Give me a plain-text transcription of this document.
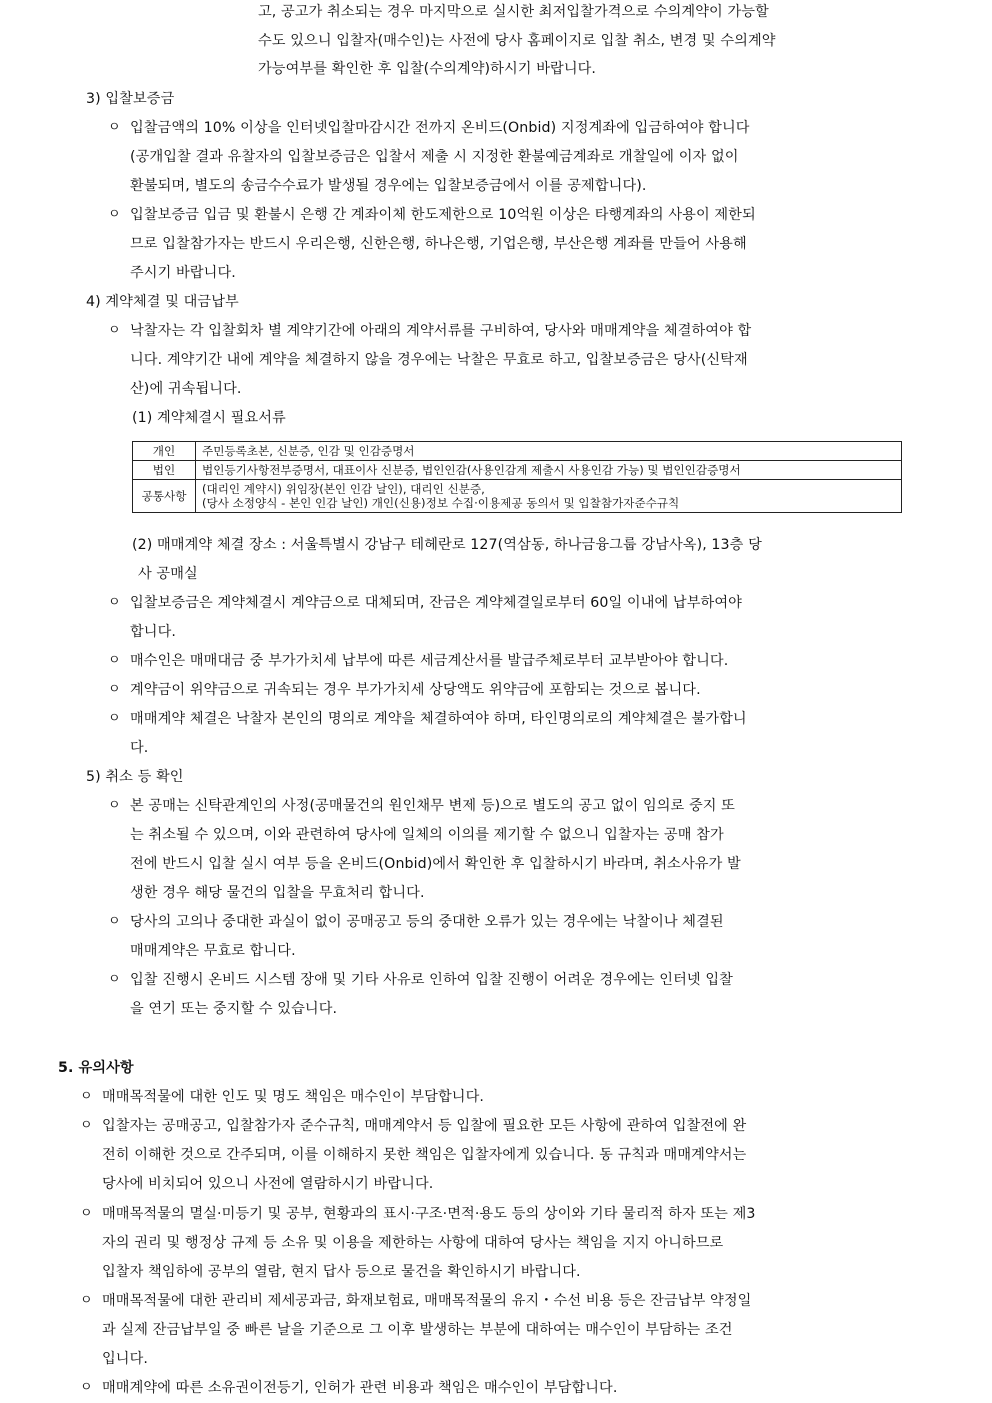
고, 공고가 취소되는 경우 마지막으로 실시한 최저입찰가격으로 수의계약이 가능할
수도 있으니 입찰자(매수인)는 사전에 당사 홈페이지로 입찰 취소, 변경 및 수의계약
가능여부를 확인한 후 입찰(수의계약)하시기 바랍니다.
3) 입찰보증금
ㅇ 입찰금액의 10% 이상을 인터넷입찰마감시간 전까지 온비드(Onbid) 지정계좌에 입금하여야 합니다
(공개입찰 결과 유찰자의 입찰보증금은 입찰서 제출 시 지정한 환불예금계좌로 개찰일에 이자 없이
환불되며, 별도의 송금수수료가 발생될 경우에는 입찰보증금에서 이를 공제합니다).
ㅇ 입찰보증금 입금 및 환불시 은행 간 계좌이체 한도제한으로 10억원 이상은 타행계좌의 사용이 제한되
므로 입찰참가자는 반드시 우리은행, 신한은행, 하나은행, 기업은행, 부산은행 계좌를 만들어 사용해
주시기 바랍니다.
4) 계약체결 및 대금납부
ㅇ 낙찰자는 각 입찰회차 별 계약기간에 아래의 계약서류를 구비하여, 당사와 매매계약을 체결하여야 합
니다. 계약기간 내에 계약을 체결하지 않을 경우에는 낙찰은 무효로 하고, 입찰보증금은 당사(신탁재
산)에 귀속됩니다.
(1) 계약체결시 필요서류
개인	주민등록초본, 신분증, 인감 및 인감증명서
법인	법인등기사항전부증명서, 대표이사 신분증, 법인인감(사용인감계 제출시 사용인감 가능) 및 법인인감증명서
공통사항	(대리인 계약시) 위임장(본인 인감 날인), 대리인 신분증,
(당사 소정양식 - 본인 인감 날인) 개인(신용)정보 수집·이용제공 동의서 및 입찰참가자준수규칙
(2) 매매계약 체결 장소 : 서울특별시 강남구 테헤란로 127(역삼동, 하나금융그룹 강남사옥), 13층 당
사 공매실
ㅇ 입찰보증금은 계약체결시 계약금으로 대체되며, 잔금은 계약체결일로부터 60일 이내에 납부하여야
합니다.
ㅇ 매수인은 매매대금 중 부가가치세 납부에 따른 세금계산서를 발급주체로부터 교부받아야 합니다.
ㅇ 계약금이 위약금으로 귀속되는 경우 부가가치세 상당액도 위약금에 포함되는 것으로 봅니다.
ㅇ 매매계약 체결은 낙찰자 본인의 명의로 계약을 체결하여야 하며, 타인명의로의 계약체결은 불가합니
다.
5) 취소 등 확인
ㅇ 본 공매는 신탁관계인의 사정(공매물건의 원인채무 변제 등)으로 별도의 공고 없이 임의로 중지 또
는 취소될 수 있으며, 이와 관련하여 당사에 일체의 이의를 제기할 수 없으니 입찰자는 공매 참가
전에 반드시 입찰 실시 여부 등을 온비드(Onbid)에서 확인한 후 입찰하시기 바라며, 취소사유가 발
생한 경우 해당 물건의 입찰을 무효처리 합니다.
ㅇ 당사의 고의나 중대한 과실이 없이 공매공고 등의 중대한 오류가 있는 경우에는 낙찰이나 체결된
매매계약은 무효로 합니다.
ㅇ 입찰 진행시 온비드 시스템 장애 및 기타 사유로 인하여 입찰 진행이 어려운 경우에는 인터넷 입찰
을 연기 또는 중지할 수 있습니다.
5. 유의사항
ㅇ 매매목적물에 대한 인도 및 명도 책임은 매수인이 부담합니다.
ㅇ 입찰자는 공매공고, 입찰참가자 준수규칙, 매매계약서 등 입찰에 필요한 모든 사항에 관하여 입찰전에 완
전히 이해한 것으로 간주되며, 이를 이해하지 못한 책임은 입찰자에게 있습니다. 동 규칙과 매매계약서는
당사에 비치되어 있으니 사전에 열람하시기 바랍니다.
ㅇ 매매목적물의 멸실·미등기 및 공부, 현황과의 표시·구조·면적·용도 등의 상이와 기타 물리적 하자 또는 제3
자의 권리 및 행정상 규제 등 소유 및 이용을 제한하는 사항에 대하여 당사는 책임을 지지 아니하므로
입찰자 책임하에 공부의 열람, 현지 답사 등으로 물건을 확인하시기 바랍니다.
ㅇ 매매목적물에 대한 관리비 제세공과금, 화재보험료, 매매목적물의 유지・수선 비용 등은 잔금납부 약정일
과 실제 잔금납부일 중 빠른 날을 기준으로 그 이후 발생하는 부분에 대하여는 매수인이 부담하는 조건
입니다.
ㅇ 매매계약에 따른 소유권이전등기, 인허가 관련 비용과 책임은 매수인이 부담합니다.
